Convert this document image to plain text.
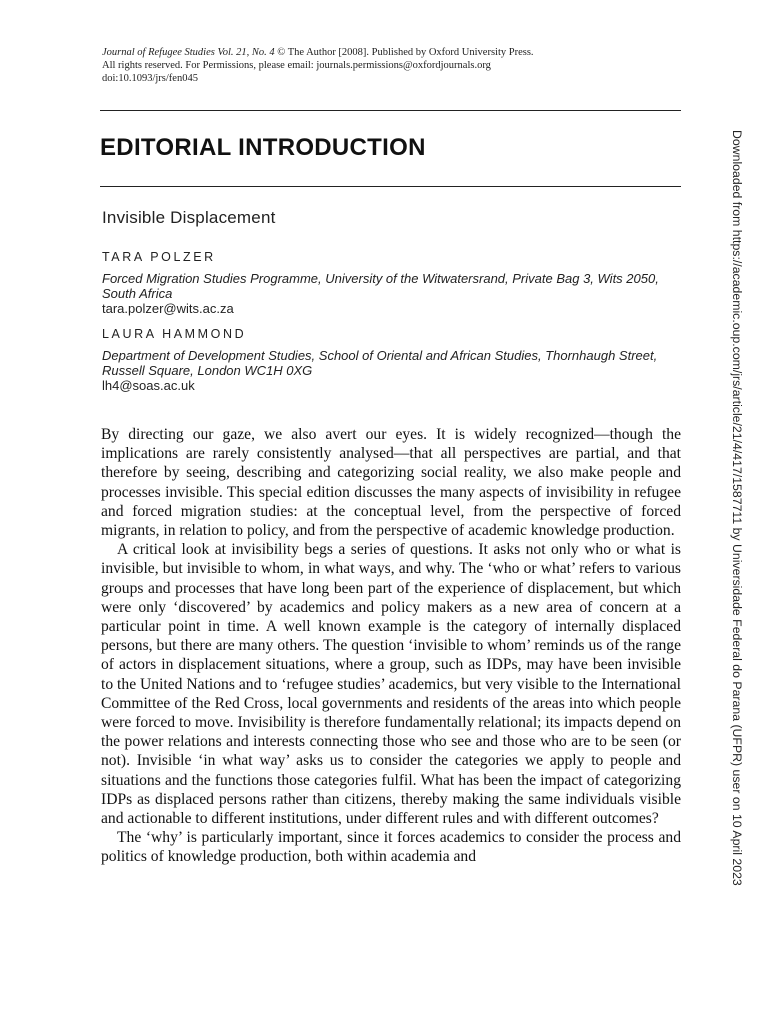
Journal of Refugee Studies Vol. 21, No. 4 © The Author [2008]. Published by Oxford University Press.
All rights reserved. For Permissions, please email: journals.permissions@oxfordjournals.org
doi:10.1093/jrs/fen045
EDITORIAL INTRODUCTION
Invisible Displacement
TARA POLZER
Forced Migration Studies Programme, University of the Witwatersrand, Private Bag 3, Wits 2050, South Africa
tara.polzer@wits.ac.za
LAURA HAMMOND
Department of Development Studies, School of Oriental and African Studies, Thornhaugh Street, Russell Square, London WC1H 0XG
lh4@soas.ac.uk

By directing our gaze, we also avert our eyes. It is widely recognized—though the implications are rarely consistently analysed—that all perspectives are partial, and that therefore by seeing, describing and categorizing social reality, we also make people and processes invisible. This special edition discusses the many aspects of invisibility in refugee and forced migration studies: at the conceptual level, from the perspective of forced migrants, in relation to policy, and from the perspective of academic knowledge production.

A critical look at invisibility begs a series of questions. It asks not only who or what is invisible, but invisible to whom, in what ways, and why. The ‘who or what’ refers to various groups and processes that have long been part of the experience of displacement, but which were only ‘discovered’ by academics and policy makers as a new area of concern at a particular point in time. A well known example is the category of internally displaced persons, but there are many others. The question ‘invisible to whom’ reminds us of the range of actors in displacement situations, where a group, such as IDPs, may have been invisible to the United Nations and to ‘refugee studies’ academics, but very visible to the International Committee of the Red Cross, local governments and residents of the areas into which people were forced to move. Invisibility is therefore fundamentally relational; its impacts depend on the power relations and interests connecting those who see and those who are to be seen (or not). Invisible ‘in what way’ asks us to consider the categories we apply to people and situations and the functions those categories fulfil. What has been the impact of categorizing IDPs as displaced persons rather than citizens, thereby making the same individuals visible and actionable to different institutions, under different rules and with different outcomes?

The ‘why’ is particularly important, since it forces academics to consider the process and politics of knowledge production, both within academia and	Downloaded from https://academic.oup.com/jrs/article/21/4/417/1587711 by Universidade Federal do Parana (UFPR) user on 10 April 2023
